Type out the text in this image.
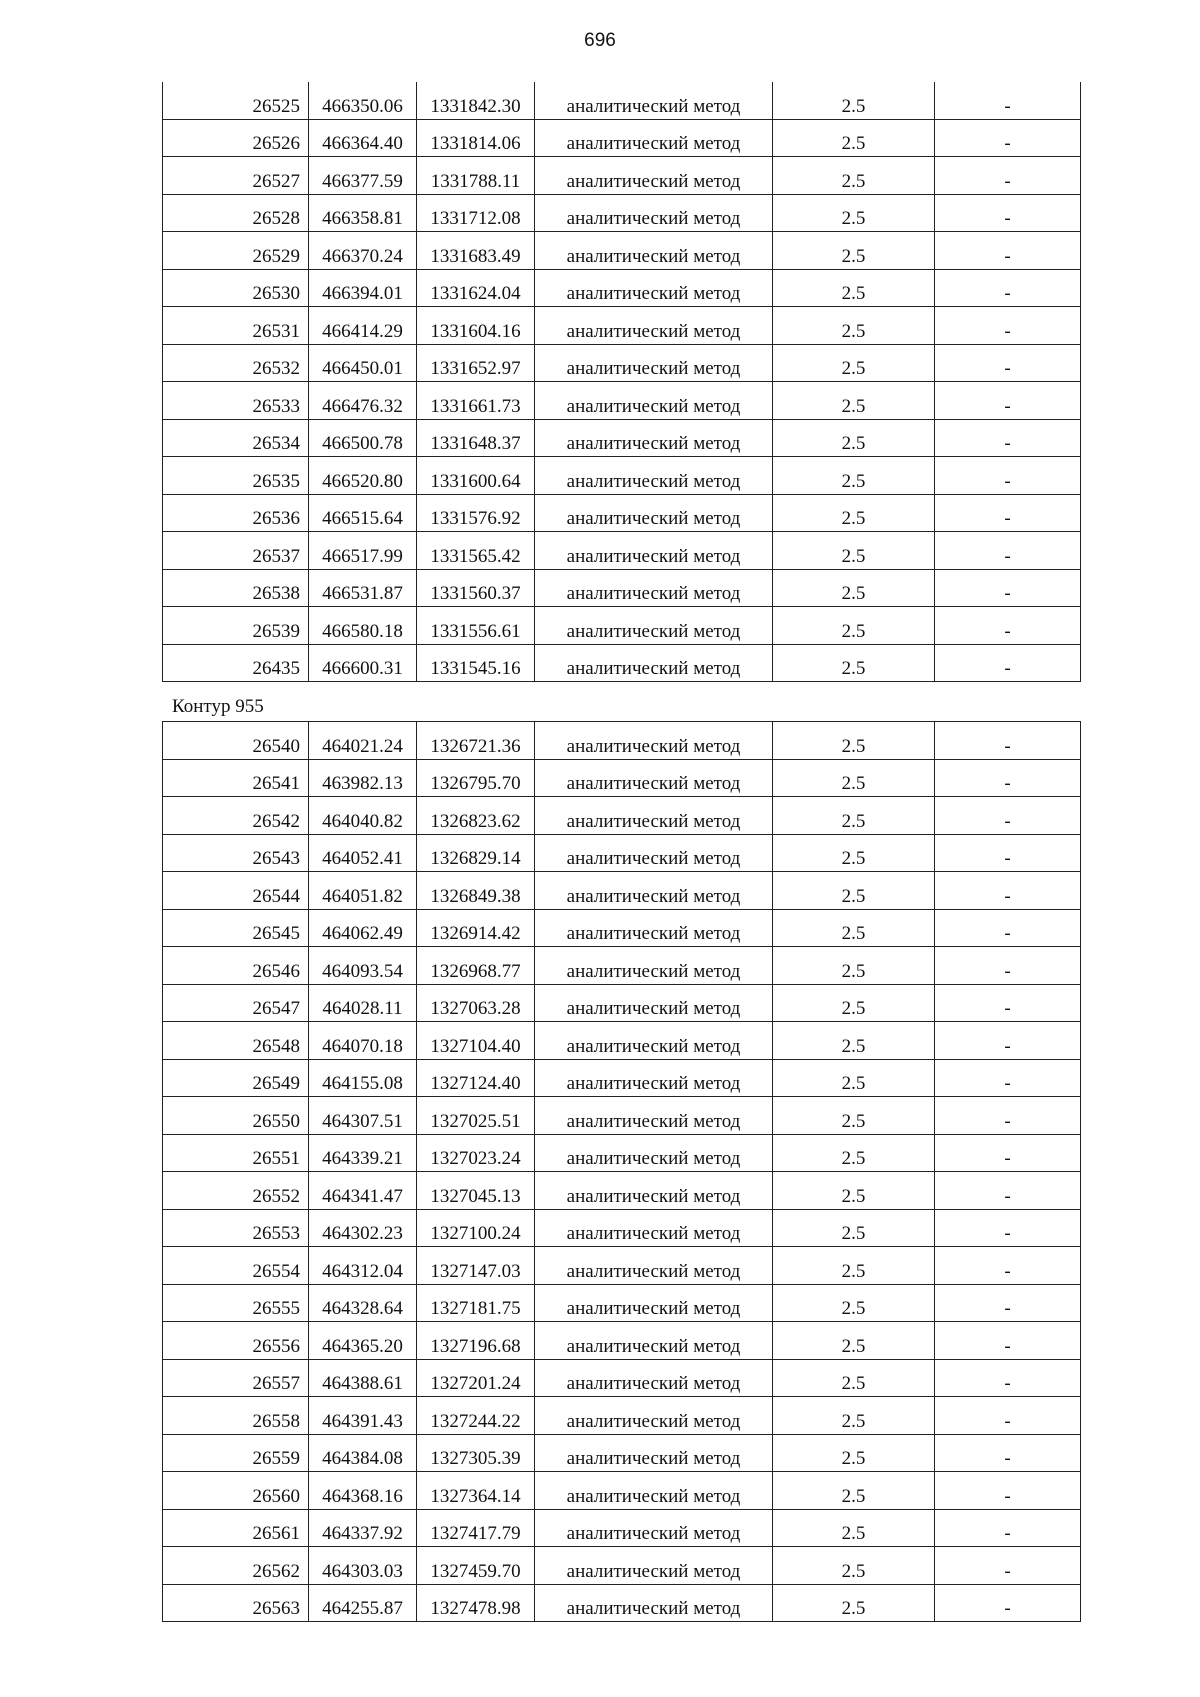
696
26525	466350.06	1331842.30	аналитический метод	2.5	-
26526	466364.40	1331814.06	аналитический метод	2.5	-
26527	466377.59	1331788.11	аналитический метод	2.5	-
26528	466358.81	1331712.08	аналитический метод	2.5	-
26529	466370.24	1331683.49	аналитический метод	2.5	-
26530	466394.01	1331624.04	аналитический метод	2.5	-
26531	466414.29	1331604.16	аналитический метод	2.5	-
26532	466450.01	1331652.97	аналитический метод	2.5	-
26533	466476.32	1331661.73	аналитический метод	2.5	-
26534	466500.78	1331648.37	аналитический метод	2.5	-
26535	466520.80	1331600.64	аналитический метод	2.5	-
26536	466515.64	1331576.92	аналитический метод	2.5	-
26537	466517.99	1331565.42	аналитический метод	2.5	-
26538	466531.87	1331560.37	аналитический метод	2.5	-
26539	466580.18	1331556.61	аналитический метод	2.5	-
26435	466600.31	1331545.16	аналитический метод	2.5	-
Контур 955
26540	464021.24	1326721.36	аналитический метод	2.5	-
26541	463982.13	1326795.70	аналитический метод	2.5	-
26542	464040.82	1326823.62	аналитический метод	2.5	-
26543	464052.41	1326829.14	аналитический метод	2.5	-
26544	464051.82	1326849.38	аналитический метод	2.5	-
26545	464062.49	1326914.42	аналитический метод	2.5	-
26546	464093.54	1326968.77	аналитический метод	2.5	-
26547	464028.11	1327063.28	аналитический метод	2.5	-
26548	464070.18	1327104.40	аналитический метод	2.5	-
26549	464155.08	1327124.40	аналитический метод	2.5	-
26550	464307.51	1327025.51	аналитический метод	2.5	-
26551	464339.21	1327023.24	аналитический метод	2.5	-
26552	464341.47	1327045.13	аналитический метод	2.5	-
26553	464302.23	1327100.24	аналитический метод	2.5	-
26554	464312.04	1327147.03	аналитический метод	2.5	-
26555	464328.64	1327181.75	аналитический метод	2.5	-
26556	464365.20	1327196.68	аналитический метод	2.5	-
26557	464388.61	1327201.24	аналитический метод	2.5	-
26558	464391.43	1327244.22	аналитический метод	2.5	-
26559	464384.08	1327305.39	аналитический метод	2.5	-
26560	464368.16	1327364.14	аналитический метод	2.5	-
26561	464337.92	1327417.79	аналитический метод	2.5	-
26562	464303.03	1327459.70	аналитический метод	2.5	-
26563	464255.87	1327478.98	аналитический метод	2.5	-
